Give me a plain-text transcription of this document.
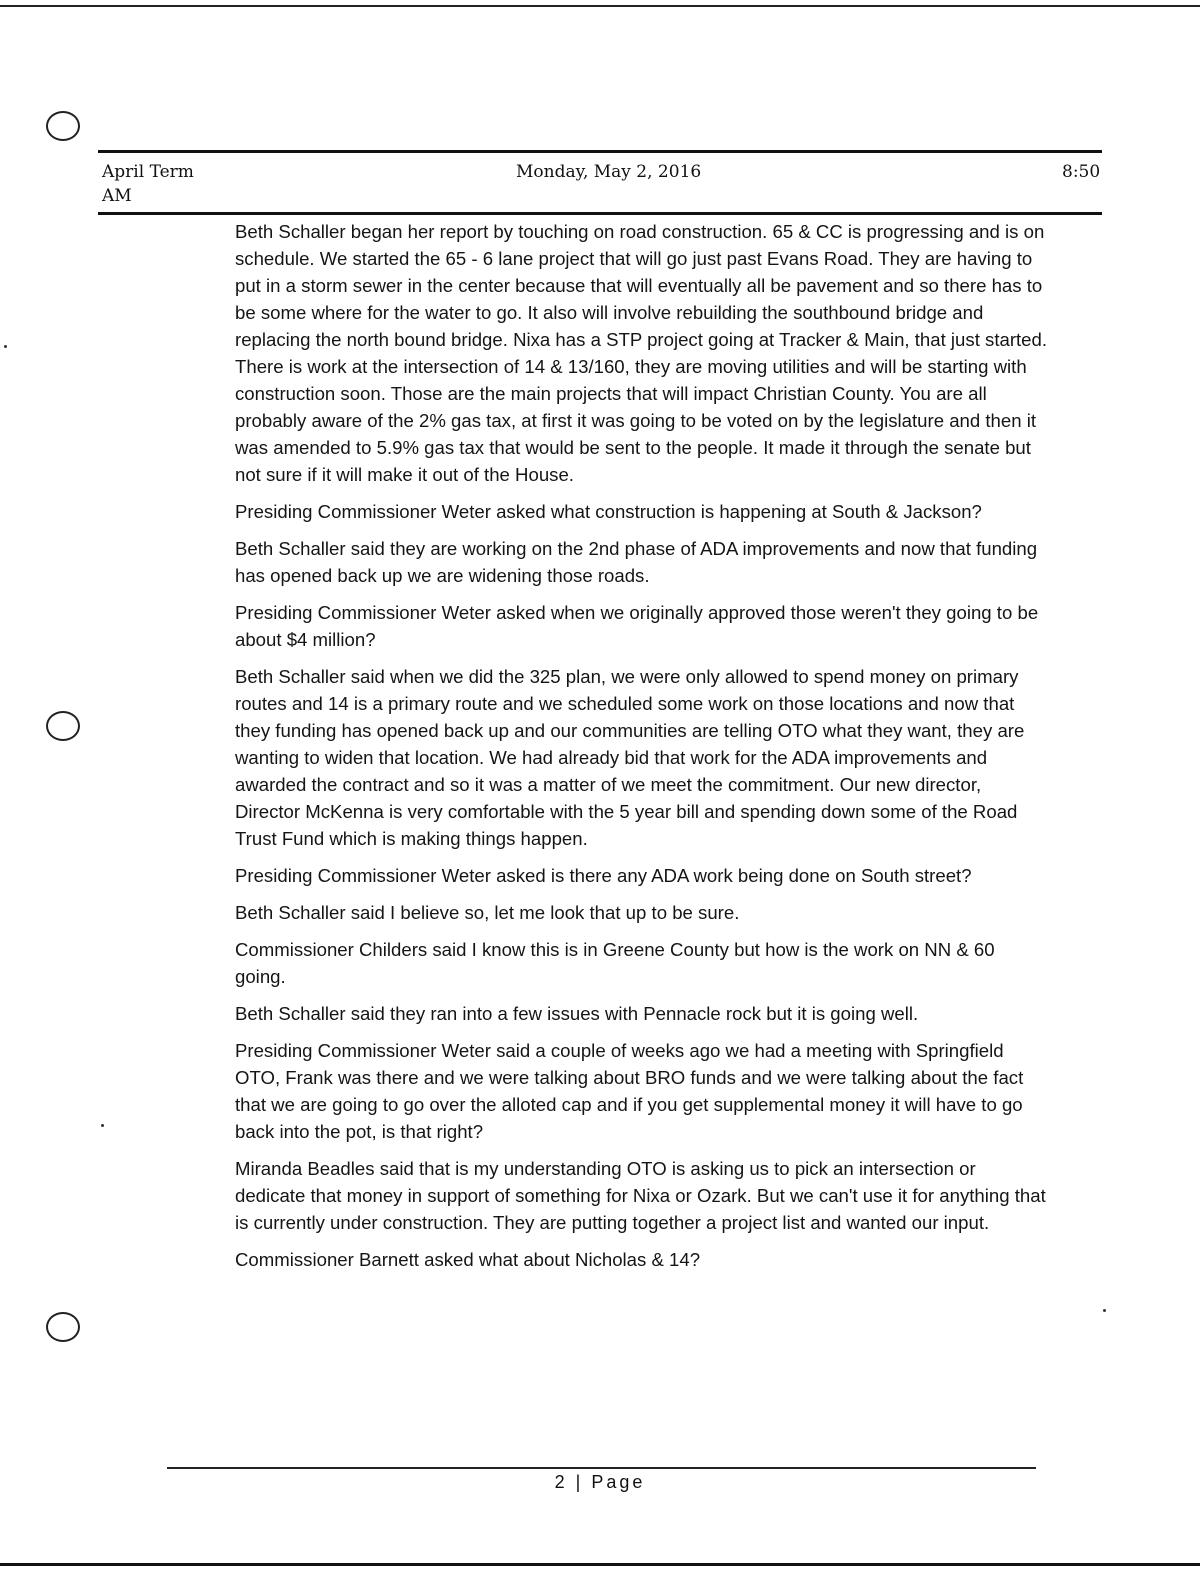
April Term
AM
Monday, May 2, 2016	8:50

Beth Schaller began her report by touching on road construction. 65 & CC is progressing and is on schedule. We started the 65 - 6 lane project that will go just past Evans Road. They are having to put in a storm sewer in the center because that will eventually all be pavement and so there has to be some where for the water to go. It also will involve rebuilding the southbound bridge and replacing the north bound bridge. Nixa has a STP project going at Tracker & Main, that just started. There is work at the intersection of 14 & 13/160, they are moving utilities and will be starting with construction soon. Those are the main projects that will impact Christian County. You are all probably aware of the 2% gas tax, at first it was going to be voted on by the legislature and then it was amended to 5.9% gas tax that would be sent to the people. It made it through the senate but not sure if it will make it out of the House.

Presiding Commissioner Weter asked what construction is happening at South & Jackson?

Beth Schaller said they are working on the 2nd phase of ADA improvements and now that funding has opened back up we are widening those roads.

Presiding Commissioner Weter asked when we originally approved those weren't they going to be about $4 million?

Beth Schaller said when we did the 325 plan, we were only allowed to spend money on primary routes and 14 is a primary route and we scheduled some work on those locations and now that they funding has opened back up and our communities are telling OTO what they want, they are wanting to widen that location. We had already bid that work for the ADA improvements and awarded the contract and so it was a matter of we meet the commitment. Our new director, Director McKenna is very comfortable with the 5 year bill and spending down some of the Road Trust Fund which is making things happen.

Presiding Commissioner Weter asked is there any ADA work being done on South street?

Beth Schaller said I believe so, let me look that up to be sure.

Commissioner Childers said I know this is in Greene County but how is the work on NN & 60 going.

Beth Schaller said they ran into a few issues with Pennacle rock but it is going well.

Presiding Commissioner Weter said a couple of weeks ago we had a meeting with Springfield OTO, Frank was there and we were talking about BRO funds and we were talking about the fact that we are going to go over the alloted cap and if you get supplemental money it will have to go back into the pot, is that right?

Miranda Beadles said that is my understanding OTO is asking us to pick an intersection or dedicate that money in support of something for Nixa or Ozark. But we can't use it for anything that is currently under construction. They are putting together a project list and wanted our input.

Commissioner Barnett asked what about Nicholas & 14?

2 | Page
